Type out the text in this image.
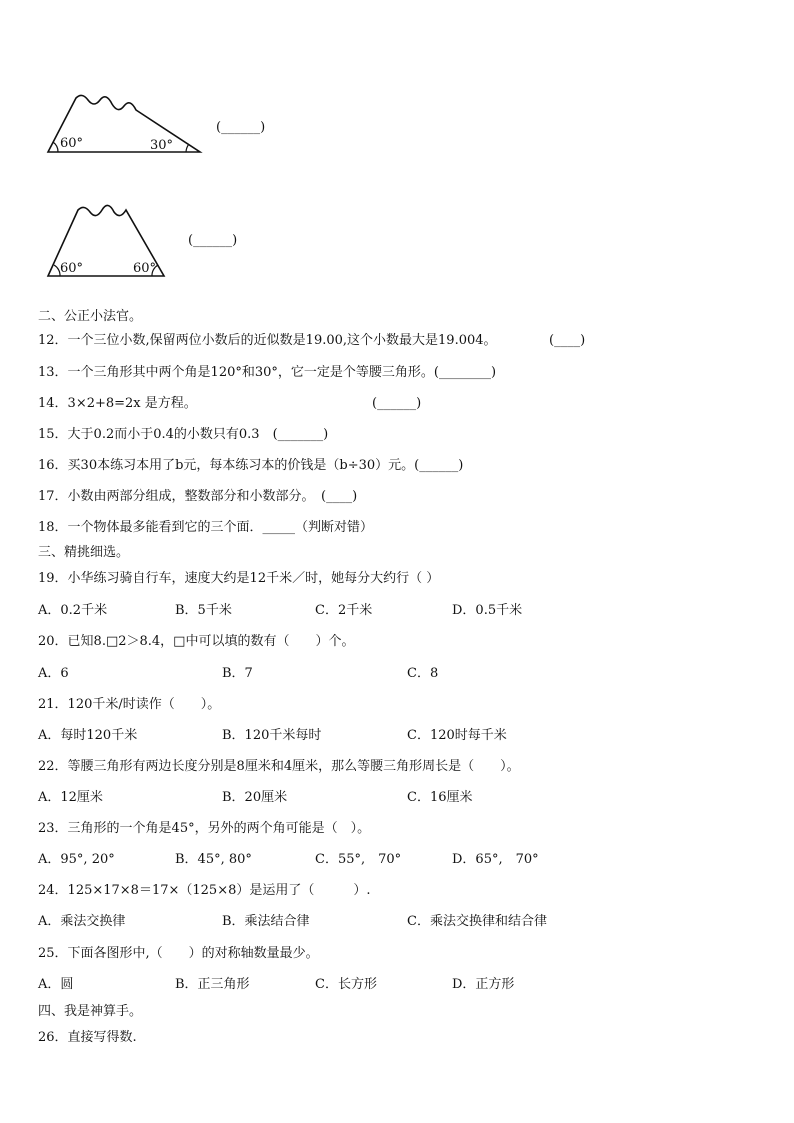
60°	30°
(______)
60°	60°
(______)
二、公正小法官。
12．一个三位小数,保留两位小数后的近似数是19.00,这个小数最大是19.004。	(____)
13．一个三角形其中两个角是120°和30°，它一定是个等腰三角形。(________)
14．3×2+8=2x 是方程。	(______)
15．大于0.2而小于0.4的小数只有0.3　(_______)
16．买30本练习本用了b元，每本练习本的价钱是（b÷30）元。(______)
17．小数由两部分组成，整数部分和小数部分。　(____)
18．一个物体最多能看到它的三个面．_____（判断对错）
三、精挑细选。
19．小华练习骑自行车，速度大约是12千米／时，她每分大约行（ ）
A．0.2千米	B．5千米	C．2千米	D．0.5千米
20．已知8.□2＞8.4，□中可以填的数有（　　）个。
A．6	B．7	C．8
21．120千米/时读作（　　）。
A．每时120千米	B．120千米每时	C．120时每千米
22．等腰三角形有两边长度分别是8厘米和4厘米，那么等腰三角形周长是（　　）。
A．12厘米	B．20厘米	C．16厘米
23．三角形的一个角是45°，另外的两个角可能是（　）。
A．95°, 20°	B．45°, 80°	C．55°,　70°	D．65°,　70°
24．125×17×8＝17×（125×8）是运用了（　　　）.
A．乘法交换律	B．乘法结合律	C．乘法交换律和结合律
25．下面各图形中,（　　）的对称轴数量最少。
A．圆	B．正三角形	C．长方形	D．正方形
四、我是神算手。
26．直接写得数.
